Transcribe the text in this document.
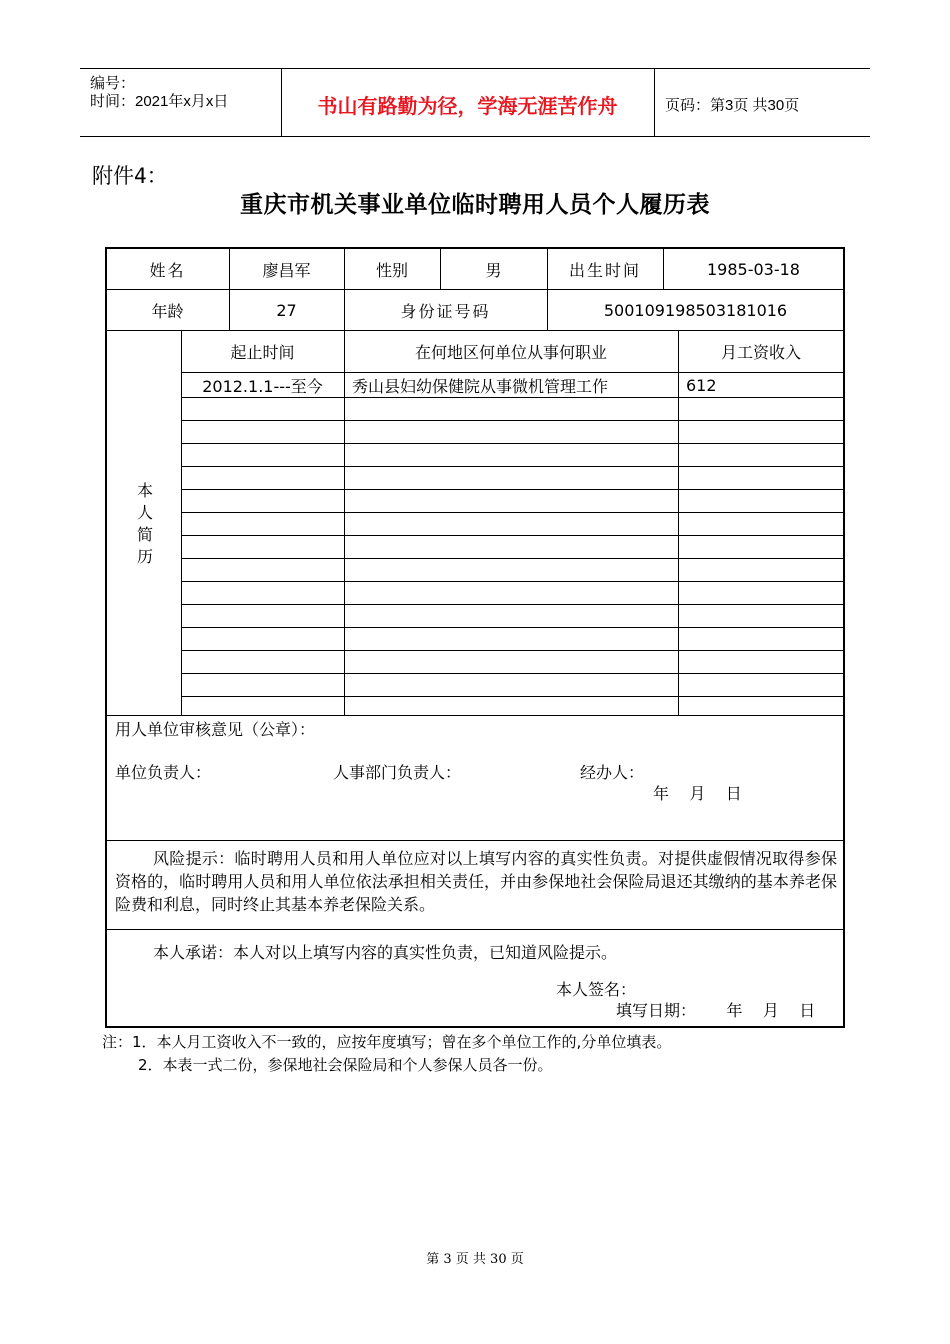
编号：
时间：2021年x月x日	书山有路勤为径，学海无涯苦作舟	页码：第3页 共30页
附件4：
重庆市机关事业单位临时聘用人员个人履历表
姓名	廖昌军	性别	男	出生时间	1985-03-18
年龄	27	身份证号码	500109198503181016
本
人
简
历
起止时间	在何地区何单位从事何职业	月工资收入
2012.1.1---至今	秀山县妇幼保健院从事微机管理工作	612
用人单位审核意见（公章）：
单位负责人：	人事部门负责人：	经办人：
年    月    日
风险提示：临时聘用人员和用人单位应对以上填写内容的真实性负责。对提供虚假情况取得参保资格的，临时聘用人员和用人单位依法承担相关责任，并由参保地社会保险局退还其缴纳的基本养老保险费和利息，同时终止其基本养老保险关系。
本人承诺：本人对以上填写内容的真实性负责，已知道风险提示。
本人签名：
填写日期：      年    月    日
注：1．本人月工资收入不一致的，应按年度填写；曾在多个单位工作的,分单位填表。
2．本表一式二份，参保地社会保险局和个人参保人员各一份。
第 3 页 共 30 页
